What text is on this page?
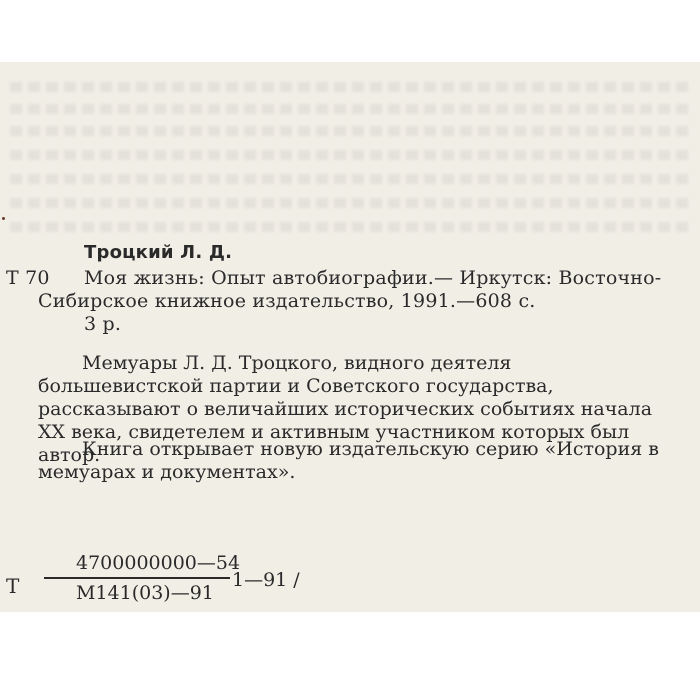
Троцкий Л. Д.
Т 70 Моя жизнь: Опыт автобиографии.— Иркутск: Восточно-
Сибирское книжное издательство, 1991.—608 с.
3 р.
Мемуары Л. Д. Троцкого, видного деятеля большевистской партии и Советского государства, рассказывают о величайших исторических событиях начала XX века, свидетелем и активным участником которых был автор.
Книга открывает новую издательскую серию «История в мемуарах и документах».
Т
4700000000—54
М141(03)—91
1—91 /
